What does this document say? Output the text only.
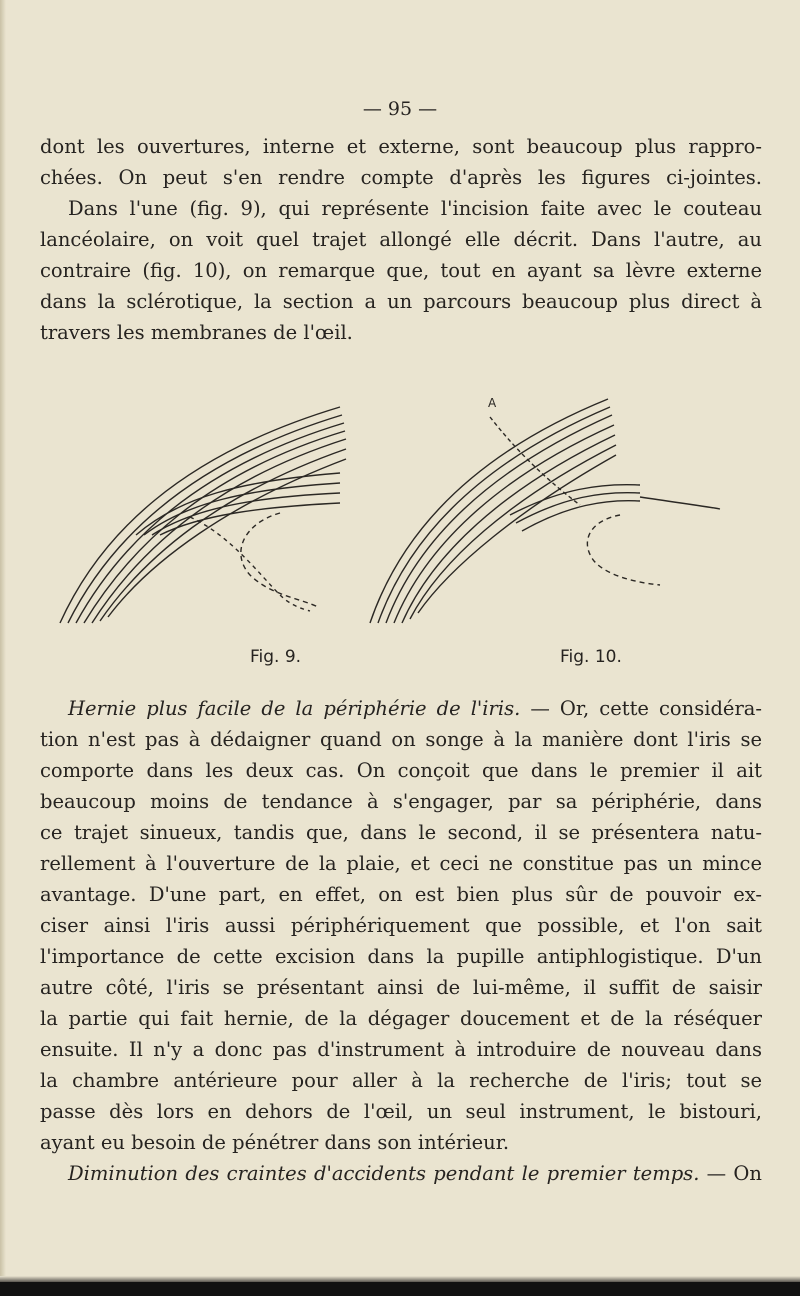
— 95 —
dont les ouvertures, interne et externe, sont beaucoup plus rappro-
chées. On peut s'en rendre compte d'après les figures ci-jointes.
Dans l'une (fig. 9), qui représente l'incision faite avec le couteau
lancéolaire, on voit quel trajet allongé elle décrit. Dans l'autre, au
contraire (fig. 10), on remarque que, tout en ayant sa lèvre externe
dans la sclérotique, la section a un parcours beaucoup plus direct à
travers les membranes de l'œil.
A
Fig. 9.	Fig. 10.
Hernie plus facile de la périphérie de l'iris. — Or, cette considéra-
tion n'est pas à dédaigner quand on songe à la manière dont l'iris se
comporte dans les deux cas. On conçoit que dans le premier il ait
beaucoup moins de tendance à s'engager, par sa périphérie, dans
ce trajet sinueux, tandis que, dans le second, il se présentera natu-
rellement à l'ouverture de la plaie, et ceci ne constitue pas un mince
avantage. D'une part, en effet, on est bien plus sûr de pouvoir ex-
ciser ainsi l'iris aussi périphériquement que possible, et l'on sait
l'importance de cette excision dans la pupille antiphlogistique. D'un
autre côté, l'iris se présentant ainsi de lui-même, il suffit de saisir
la partie qui fait hernie, de la dégager doucement et de la réséquer
ensuite. Il n'y a donc pas d'instrument à introduire de nouveau dans
la chambre antérieure pour aller à la recherche de l'iris; tout se
passe dès lors en dehors de l'œil, un seul instrument, le bistouri,
ayant eu besoin de pénétrer dans son intérieur.
Diminution des craintes d'accidents pendant le premier temps. — On
